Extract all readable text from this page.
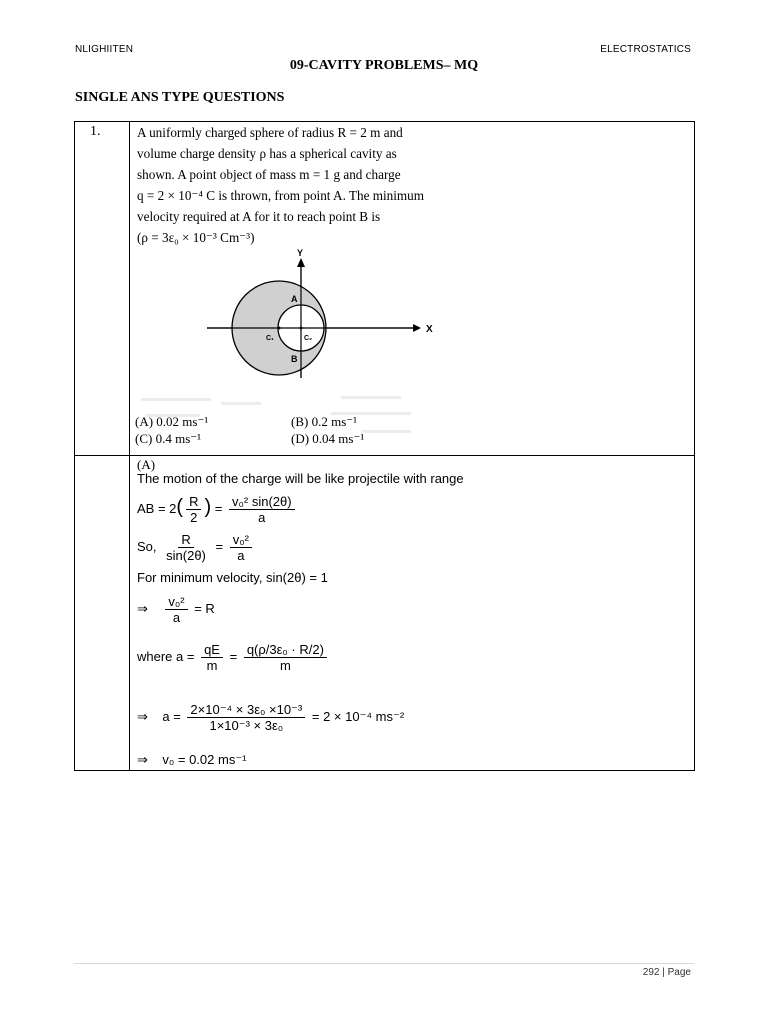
NLIGHIITEN	ELECTROSTATICS
09-CAVITY PROBLEMS– MQ
SINGLE ANS TYPE QUESTIONS
1.	A uniformly charged sphere of radius R = 2 m and
volume charge density ρ has a spherical cavity as
shown. A point object of mass m = 1 g and charge
q = 2 × 10⁻⁴ C is thrown, from point A. The minimum
velocity required at A for it to reach point B is
(ρ = 3ε₀ × 10⁻³ Cm⁻³)
Y
X
A
B
C₁	C₂
(A) 0.02 ms⁻¹	(B) 0.2 ms⁻¹
(C) 0.4 ms⁻¹	(D) 0.04 ms⁻¹
(A)
The motion of the charge will be like projectile with range
AB = $2( \frac{R}{2}$ ) = $\frac{\text{v₀² sin(2θ)}}{a}$
So, $\frac{R}{\sin(2\theta)} = \frac{\text{v₀²}}{a}$
For minimum velocity, sin(2θ) = 1
⇒ $\frac{\text{v₀²}}{a} = R$
where $a = \frac{qE}{m} = \frac{\text{q(ρ/3ε₀ · R/2)}}{m}$
⇒ $a = \frac{\text{2×10⁻⁴ × 3ε₀ ×10⁻³}}{\text{1×10⁻³ × 3ε₀}} = 2 \times 10^{-4}$ ms⁻²
⇒ v₀ = 0.02 ms⁻¹
292 | Page
